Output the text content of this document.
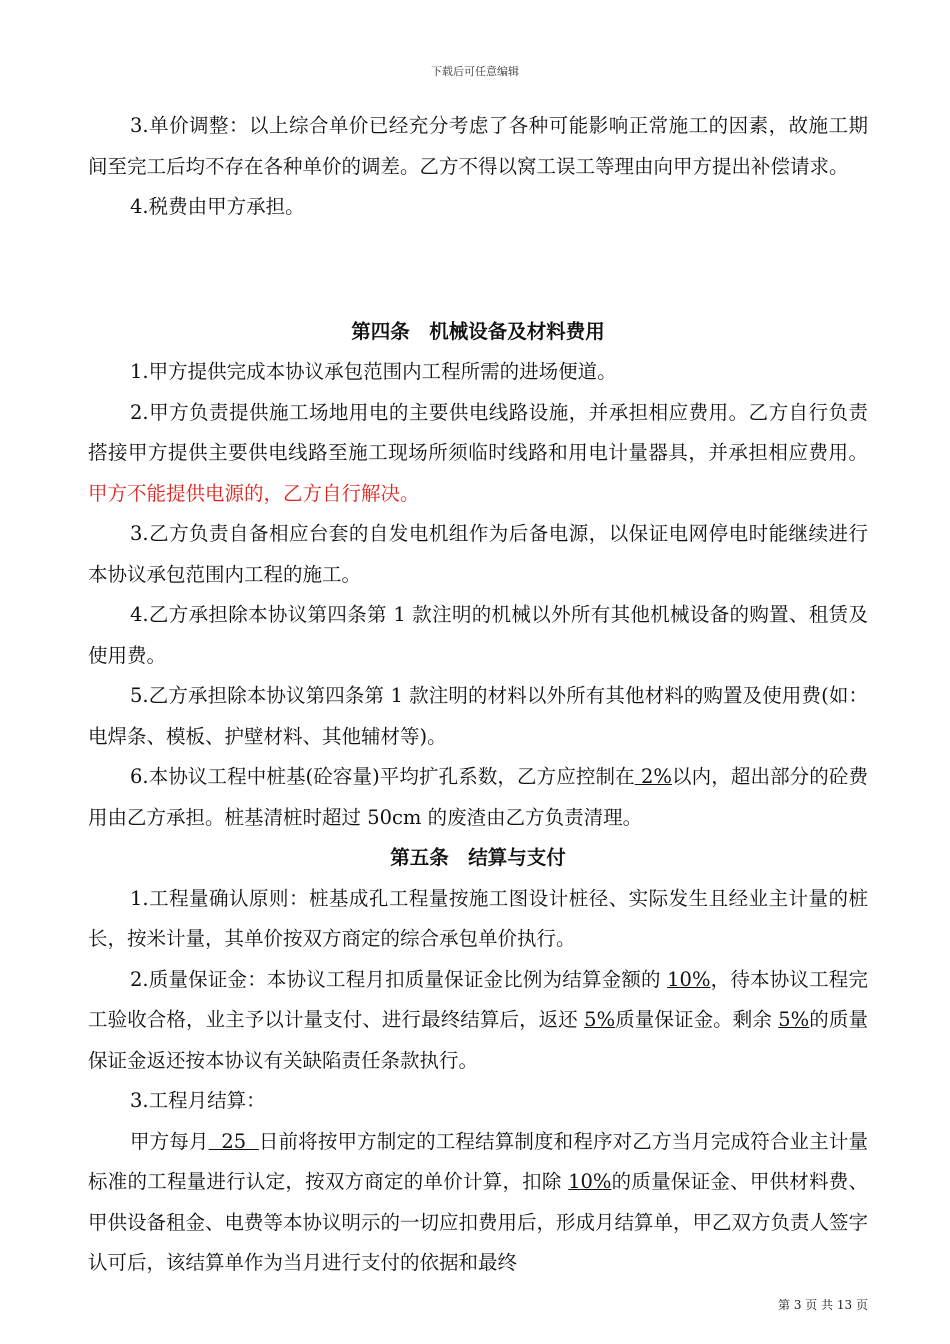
下载后可任意编辑

3.单价调整：以上综合单价已经充分考虑了各种可能影响正常施工的因素，故施工期间至完工后均不存在各种单价的调差。乙方不得以窝工误工等理由向甲方提出补偿请求。

4.税费由甲方承担。

第四条　机械设备及材料费用

1.甲方提供完成本协议承包范围内工程所需的进场便道。

2.甲方负责提供施工场地用电的主要供电线路设施，并承担相应费用。乙方自行负责搭接甲方提供主要供电线路至施工现场所须临时线路和用电计量器具，并承担相应费用。甲方不能提供电源的，乙方自行解决。

3.乙方负责自备相应台套的自发电机组作为后备电源，以保证电网停电时能继续进行本协议承包范围内工程的施工。

4.乙方承担除本协议第四条第 1 款注明的机械以外所有其他机械设备的购置、租赁及使用费。

5.乙方承担除本协议第四条第 1 款注明的材料以外所有其他材料的购置及使用费(如：电焊条、模板、护壁材料、其他辅材等)。

6.本协议工程中桩基(砼容量)平均扩孔系数，乙方应控制在 2%以内，超出部分的砼费用由乙方承担。桩基清桩时超过 50cm 的废渣由乙方负责清理。

第五条　结算与支付

1.工程量确认原则：桩基成孔工程量按施工图设计桩径、实际发生且经业主计量的桩长，按米计量，其单价按双方商定的综合承包单价执行。

2.质量保证金：本协议工程月扣质量保证金比例为结算金额的 10%，待本协议工程完工验收合格，业主予以计量支付、进行最终结算后，返还 5%质量保证金。剩余 5%的质量保证金返还按本协议有关缺陷责任条款执行。

3.工程月结算：

甲方每月  25  日前将按甲方制定的工程结算制度和程序对乙方当月完成符合业主计量标准的工程量进行认定，按双方商定的单价计算，扣除 10%的质量保证金、甲供材料费、甲供设备租金、电费等本协议明示的一切应扣费用后，形成月结算单，甲乙双方负责人签字认可后，该结算单作为当月进行支付的依据和最终

第 3 页 共 13 页
